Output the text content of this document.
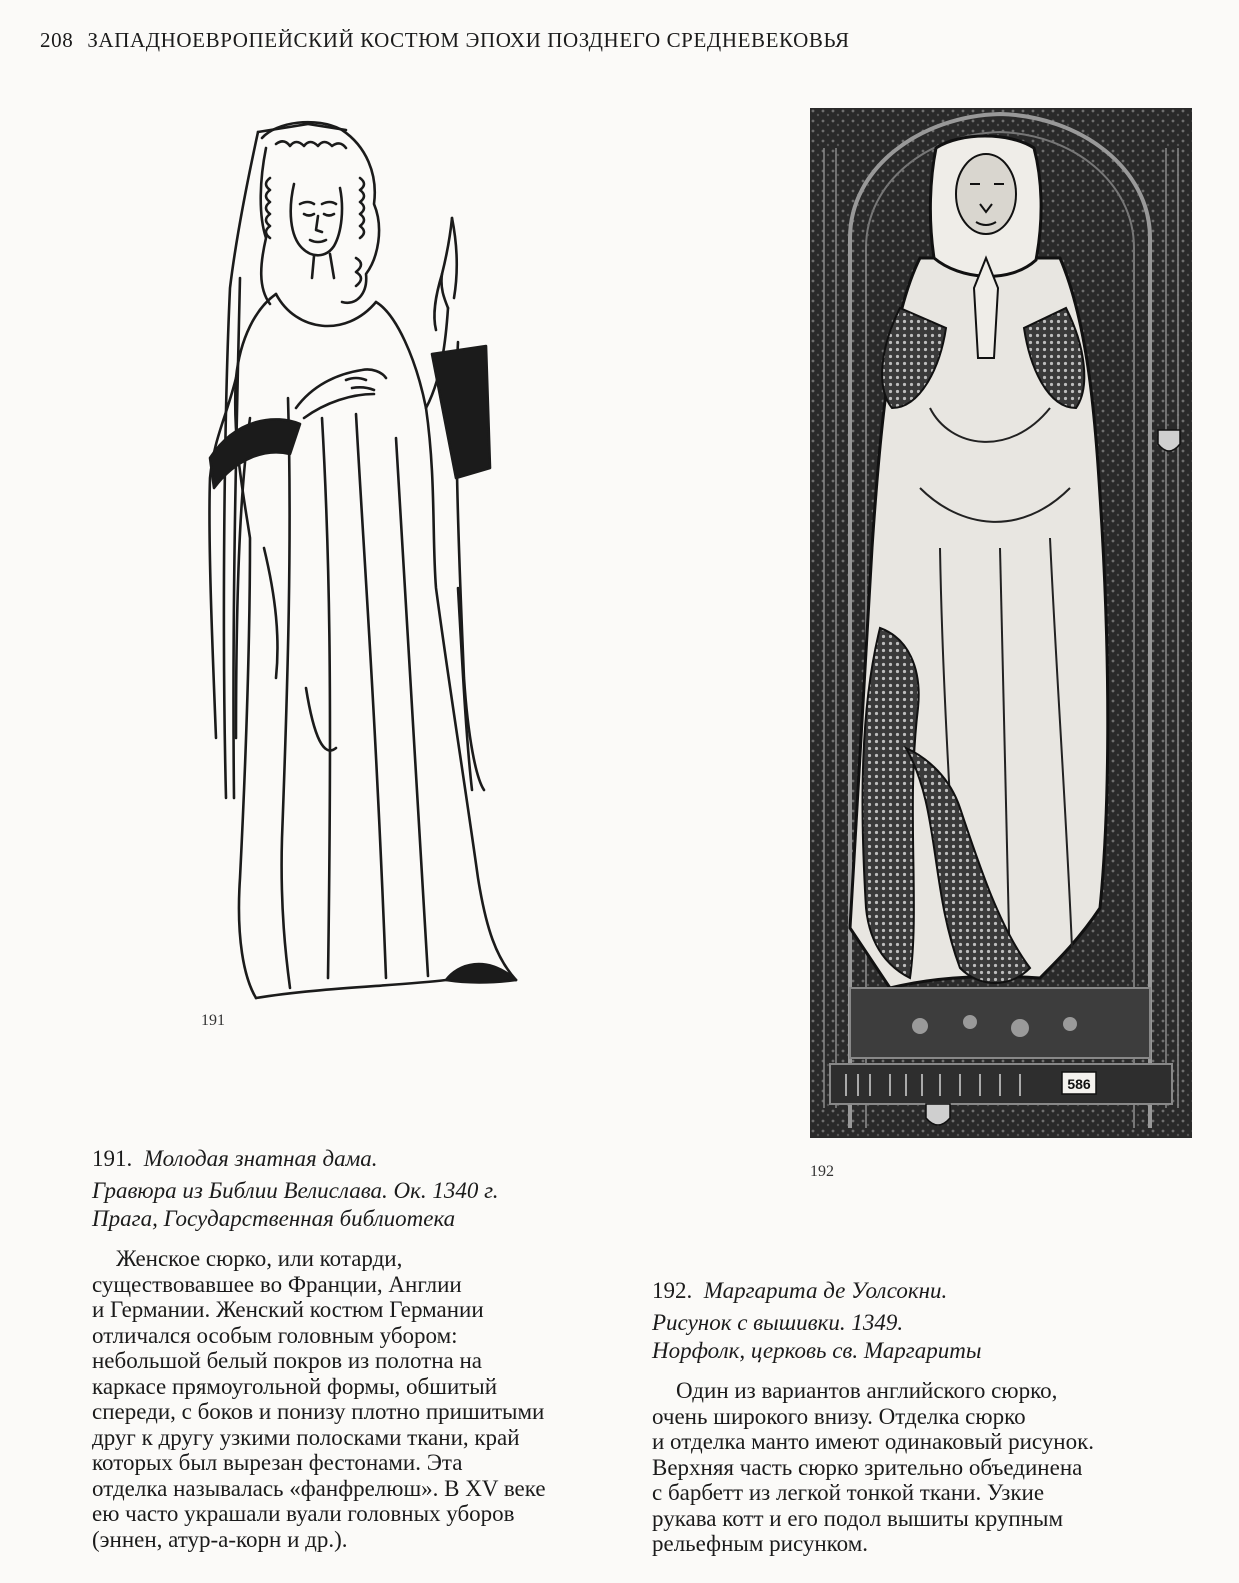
208 ЗАПАДНОЕВРОПЕЙСКИЙ КОСТЮМ ЭПОХИ ПОЗДНЕГО СРЕДНЕВЕКОВЬЯ
191
586
192
191. Молодая знатная дама.
Гравюра из Библии Велислава. Ок. 1340 г.
Прага, Государственная библиотека

Женское сюрко, или котарди,

существовавшее во Франции, Англии

и Германии. Женский костюм Германии

отличался особым головным убором:

небольшой белый покров из полотна на

каркасе прямоугольной формы, обшитый

спереди, с боков и понизу плотно пришитыми

друг к другу узкими полосками ткани, край

которых был вырезан фестонами. Эта

отделка называлась «фанфрелюш». В XV веке

ею часто украшали вуали головных уборов

(эннен, атур-а-корн и др.).

192. Маргарита де Уолсокни.
Рисунок с вышивки. 1349.
Норфолк, церковь св. Маргариты

Один из вариантов английского сюрко,

очень широкого внизу. Отделка сюрко

и отделка манто имеют одинаковый рисунок.

Верхняя часть сюрко зрительно объединена

с барбетт из легкой тонкой ткани. Узкие

рукава котт и его подол вышиты крупным

рельефным рисунком.
